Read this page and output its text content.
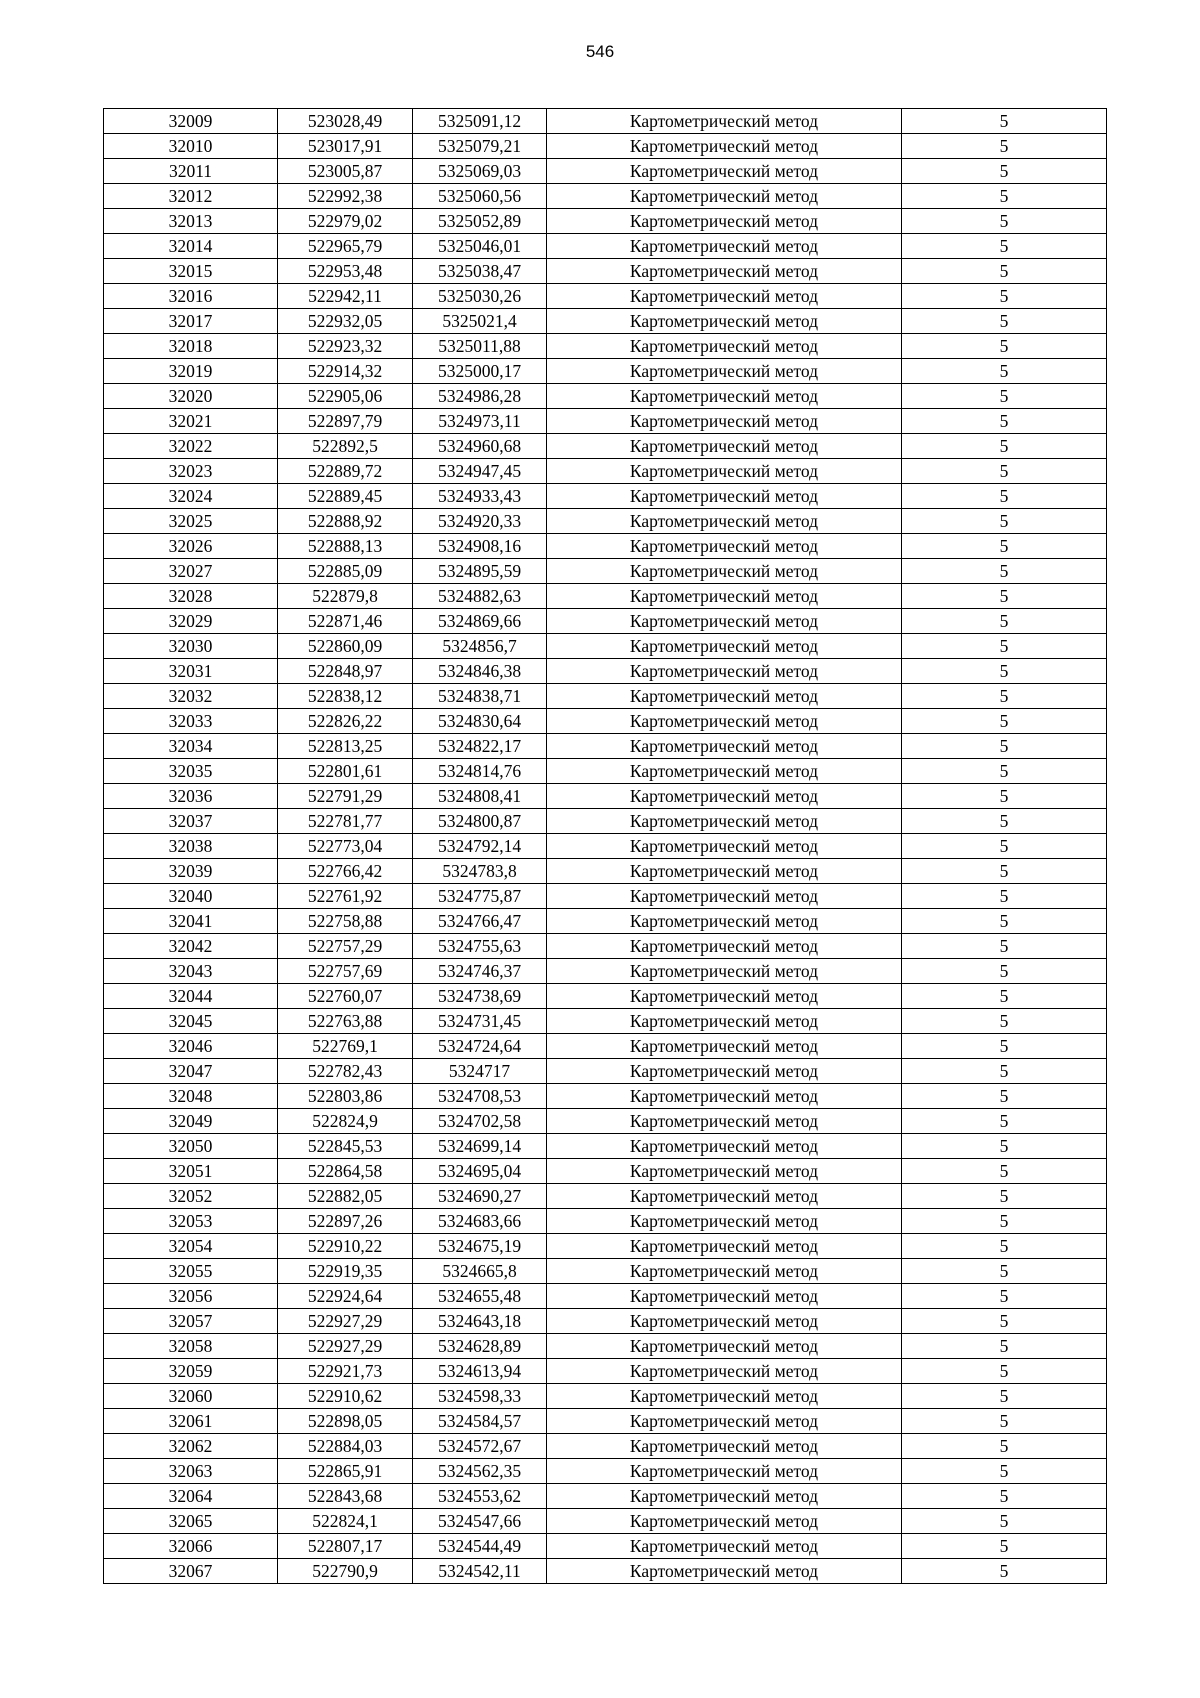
546
32009	523028,49	5325091,12	Картометрический метод	5
32010	523017,91	5325079,21	Картометрический метод	5
32011	523005,87	5325069,03	Картометрический метод	5
32012	522992,38	5325060,56	Картометрический метод	5
32013	522979,02	5325052,89	Картометрический метод	5
32014	522965,79	5325046,01	Картометрический метод	5
32015	522953,48	5325038,47	Картометрический метод	5
32016	522942,11	5325030,26	Картометрический метод	5
32017	522932,05	5325021,4	Картометрический метод	5
32018	522923,32	5325011,88	Картометрический метод	5
32019	522914,32	5325000,17	Картометрический метод	5
32020	522905,06	5324986,28	Картометрический метод	5
32021	522897,79	5324973,11	Картометрический метод	5
32022	522892,5	5324960,68	Картометрический метод	5
32023	522889,72	5324947,45	Картометрический метод	5
32024	522889,45	5324933,43	Картометрический метод	5
32025	522888,92	5324920,33	Картометрический метод	5
32026	522888,13	5324908,16	Картометрический метод	5
32027	522885,09	5324895,59	Картометрический метод	5
32028	522879,8	5324882,63	Картометрический метод	5
32029	522871,46	5324869,66	Картометрический метод	5
32030	522860,09	5324856,7	Картометрический метод	5
32031	522848,97	5324846,38	Картометрический метод	5
32032	522838,12	5324838,71	Картометрический метод	5
32033	522826,22	5324830,64	Картометрический метод	5
32034	522813,25	5324822,17	Картометрический метод	5
32035	522801,61	5324814,76	Картометрический метод	5
32036	522791,29	5324808,41	Картометрический метод	5
32037	522781,77	5324800,87	Картометрический метод	5
32038	522773,04	5324792,14	Картометрический метод	5
32039	522766,42	5324783,8	Картометрический метод	5
32040	522761,92	5324775,87	Картометрический метод	5
32041	522758,88	5324766,47	Картометрический метод	5
32042	522757,29	5324755,63	Картометрический метод	5
32043	522757,69	5324746,37	Картометрический метод	5
32044	522760,07	5324738,69	Картометрический метод	5
32045	522763,88	5324731,45	Картометрический метод	5
32046	522769,1	5324724,64	Картометрический метод	5
32047	522782,43	5324717	Картометрический метод	5
32048	522803,86	5324708,53	Картометрический метод	5
32049	522824,9	5324702,58	Картометрический метод	5
32050	522845,53	5324699,14	Картометрический метод	5
32051	522864,58	5324695,04	Картометрический метод	5
32052	522882,05	5324690,27	Картометрический метод	5
32053	522897,26	5324683,66	Картометрический метод	5
32054	522910,22	5324675,19	Картометрический метод	5
32055	522919,35	5324665,8	Картометрический метод	5
32056	522924,64	5324655,48	Картометрический метод	5
32057	522927,29	5324643,18	Картометрический метод	5
32058	522927,29	5324628,89	Картометрический метод	5
32059	522921,73	5324613,94	Картометрический метод	5
32060	522910,62	5324598,33	Картометрический метод	5
32061	522898,05	5324584,57	Картометрический метод	5
32062	522884,03	5324572,67	Картометрический метод	5
32063	522865,91	5324562,35	Картометрический метод	5
32064	522843,68	5324553,62	Картометрический метод	5
32065	522824,1	5324547,66	Картометрический метод	5
32066	522807,17	5324544,49	Картометрический метод	5
32067	522790,9	5324542,11	Картометрический метод	5
